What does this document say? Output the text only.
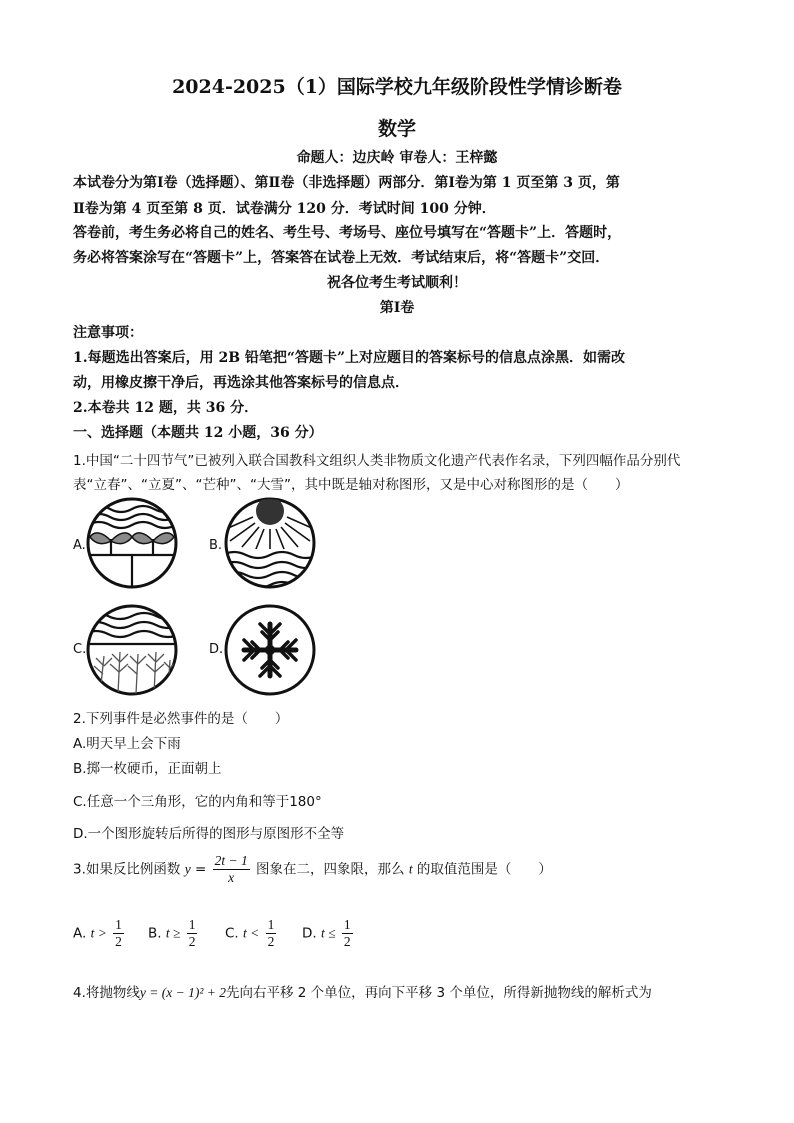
2024-2025（1）国际学校九年级阶段性学情诊断卷
数学
命题人：边庆岭 审卷人：王梓懿
本试卷分为第Ⅰ卷（选择题）、第Ⅱ卷（非选择题）两部分．第Ⅰ卷为第 1 页至第 3 页，第
Ⅱ卷为第 4 页至第 8 页．试卷满分 120 分．考试时间 100 分钟．
答卷前，考生务必将自己的姓名、考生号、考场号、座位号填写在“答题卡”上．答题时，
务必将答案涂写在“答题卡”上，答案答在试卷上无效．考试结束后，将“答题卡”交回．
祝各位考生考试顺利！
第Ⅰ卷
注意事项：
1.每题选出答案后，用 2B 铅笔把“答题卡”上对应题目的答案标号的信息点涂黑．如需改
动，用橡皮擦干净后，再选涂其他答案标号的信息点．
2.本卷共 12 题，共 36 分．
一、选择题（本题共 12 小题，36 分）
1.中国“二十四节气”已被列入联合国教科文组织人类非物质文化遗产代表作名录，下列四幅作品分别代
表“立春”、“立夏”、“芒种”、“大雪”，其中既是轴对称图形，又是中心对称图形的是（　　）
A.	B.
C.	D.
2.下列事件是必然事件的是（　　）
A.明天早上会下雨
B.掷一枚硬币，正面朝上
C.任意一个三角形，它的内角和等于180°
D.一个图形旋转后所得的图形与原图形不全等
3.如果反比例函数 $y = \frac{2t - 1}{x}$ 图象在二，四象限，那么 t 的取值范围是（　　）
A. $t > \frac{1}{2} B$. $t \ge \frac{1}{2} C$. $t < \frac{1}{2} D$. $t \le \frac{1}{2}$
4.将抛物线y = (x − 1)² + 2先向右平移 2 个单位，再向下平移 3 个单位，所得新抛物线的解析式为
